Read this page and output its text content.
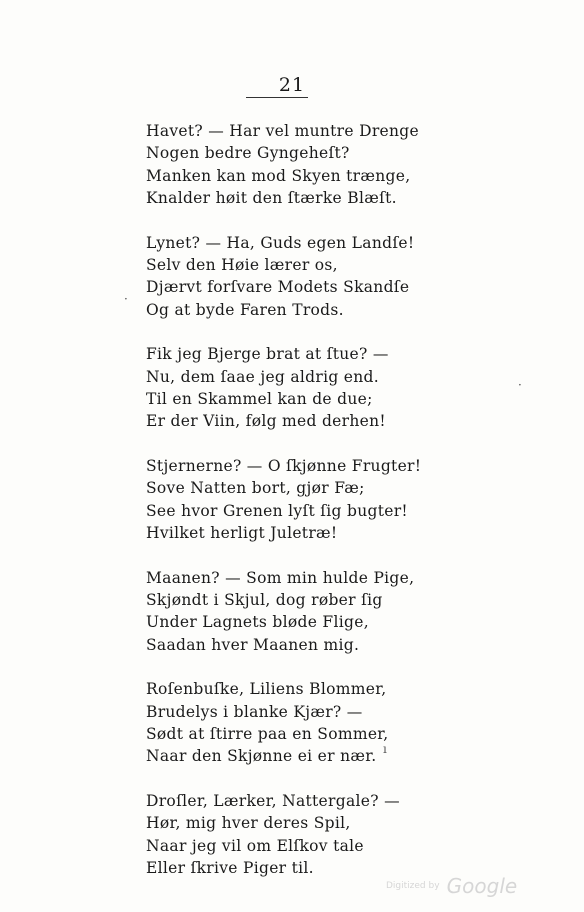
21
Havet? — Har vel muntre Drenge
Nogen bedre Gyngeheſt?
Manken kan mod Skyen trænge,
Knalder høit den ſtærke Blæſt.
Lynet? — Ha, Guds egen Landſe!
Selv den Høie lærer os,
Djærvt forſvare Modets Skandſe
Og at byde Faren Trods.
Fik jeg Bjerge brat at ſtue? —
Nu, dem ſaae jeg aldrig end.
Til en Skammel kan de due;
Er der Viin, følg med derhen!
Stjernerne? — O ſkjønne Frugter!
Sove Natten bort, gjør Fæ;
See hvor Grenen lyſt ſig bugter!
Hvilket herligt Juletræ!
Maanen? — Som min hulde Pige,
Skjøndt i Skjul, dog røber ſig
Under Lagnets bløde Flige,
Saadan hver Maanen mig.
Roſenbuſke, Liliens Blommer,
Brudelys i blanke Kjær? —
Sødt at ſtirre paa en Sommer,
Naar den Skjønne ei er nær.
Droſler, Lærker, Nattergale? —
Hør, mig hver deres Spil,
Naar jeg vil om Elſkov tale
Eller ſkrive Piger til.
·
·
ı
Digitized by Google
